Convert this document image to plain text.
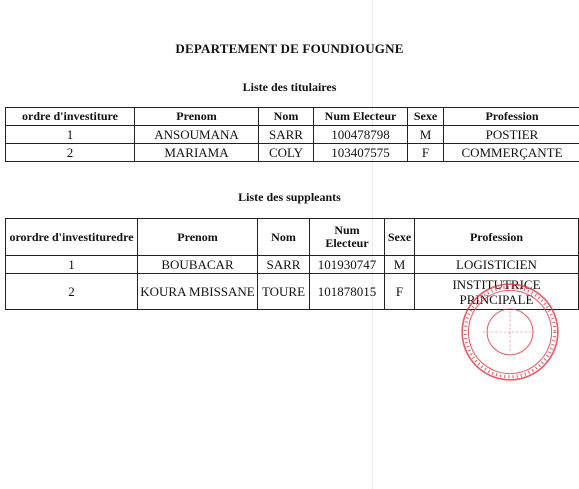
DEPARTEMENT DE FOUNDIOUGNE
Liste des titulaires
ordre d'investiture	Prenom	Nom	Num Electeur	Sexe	Profession
1	ANSOUMANA	SARR	100478798	M	POSTIER
2	MARIAMA	COLY	103407575	F	COMMERÇANTE
Liste des suppleants
orordre d'investituredre	Prenom	Nom	Num Electeur	Sexe	Profession
1	BOUBACAR	SARR	101930747	M	LOGISTICIEN
2	KOURA MBISSANE	TOURE	101878015	F	INSTITUTRICE PRINCIPALE
